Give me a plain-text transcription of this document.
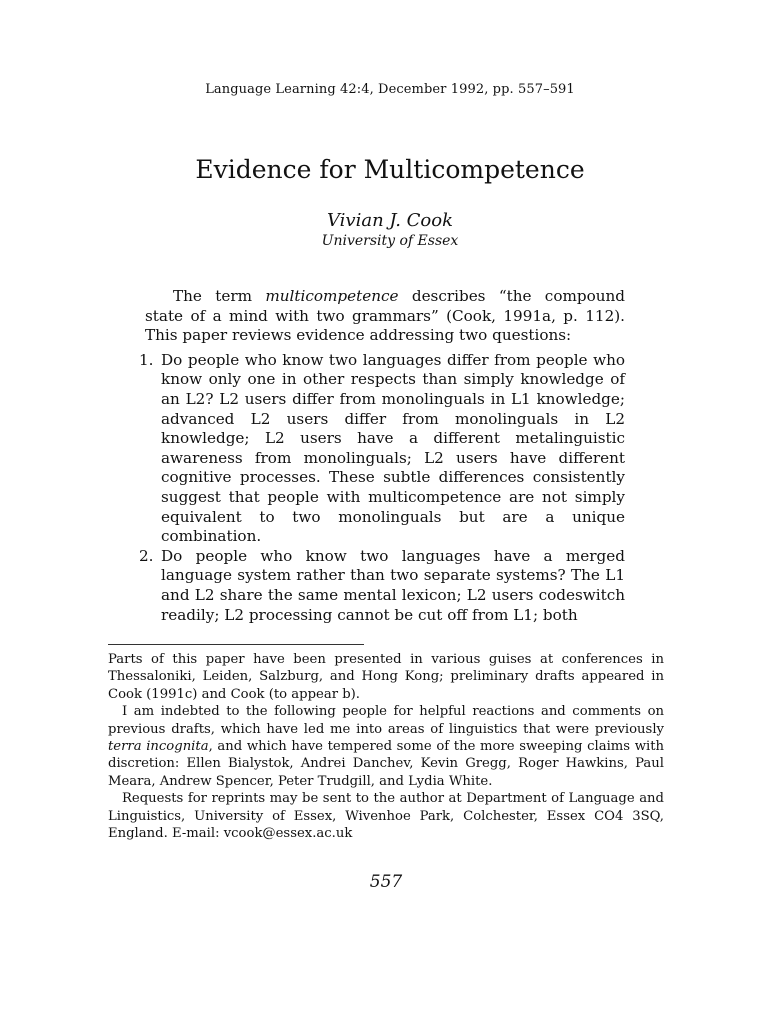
Language Learning 42:4, December 1992, pp. 557–591
Evidence for Multicompetence
Vivian J. Cook
University of Essex

The term multicompetence describes “the compound state of a mind with two grammars” (Cook, 1991a, p. 112). This paper reviews evidence addressing two questions:

1. Do people who know two languages differ from people who know only one in other respects than simply knowledge of an L2? L2 users differ from monolinguals in L1 knowledge; advanced L2 users differ from monolinguals in L2 knowledge; L2 users have a different metalinguistic awareness from monolinguals; L2 users have different cognitive processes. These subtle differences consistently suggest that people with multicompetence are not simply equivalent to two monolinguals but are a unique combination.
2. Do people who know two languages have a merged language system rather than two separate systems? The L1 and L2 share the same mental lexicon; L2 users codeswitch readily; L2 processing cannot be cut off from L1; both

Parts of this paper have been presented in various guises at conferences in Thessaloniki, Leiden, Salzburg, and Hong Kong; preliminary drafts appeared in Cook (1991c) and Cook (to appear b).

I am indebted to the following people for helpful reactions and comments on previous drafts, which have led me into areas of linguistics that were previously terra incognita, and which have tempered some of the more sweeping claims with discretion: Ellen Bialystok, Andrei Danchev, Kevin Gregg, Roger Hawkins, Paul Meara, Andrew Spencer, Peter Trudgill, and Lydia White.

Requests for reprints may be sent to the author at Department of Language and Linguistics, University of Essex, Wivenhoe Park, Colchester, Essex CO4 3SQ, England. E-mail: vcook@essex.ac.uk

557
